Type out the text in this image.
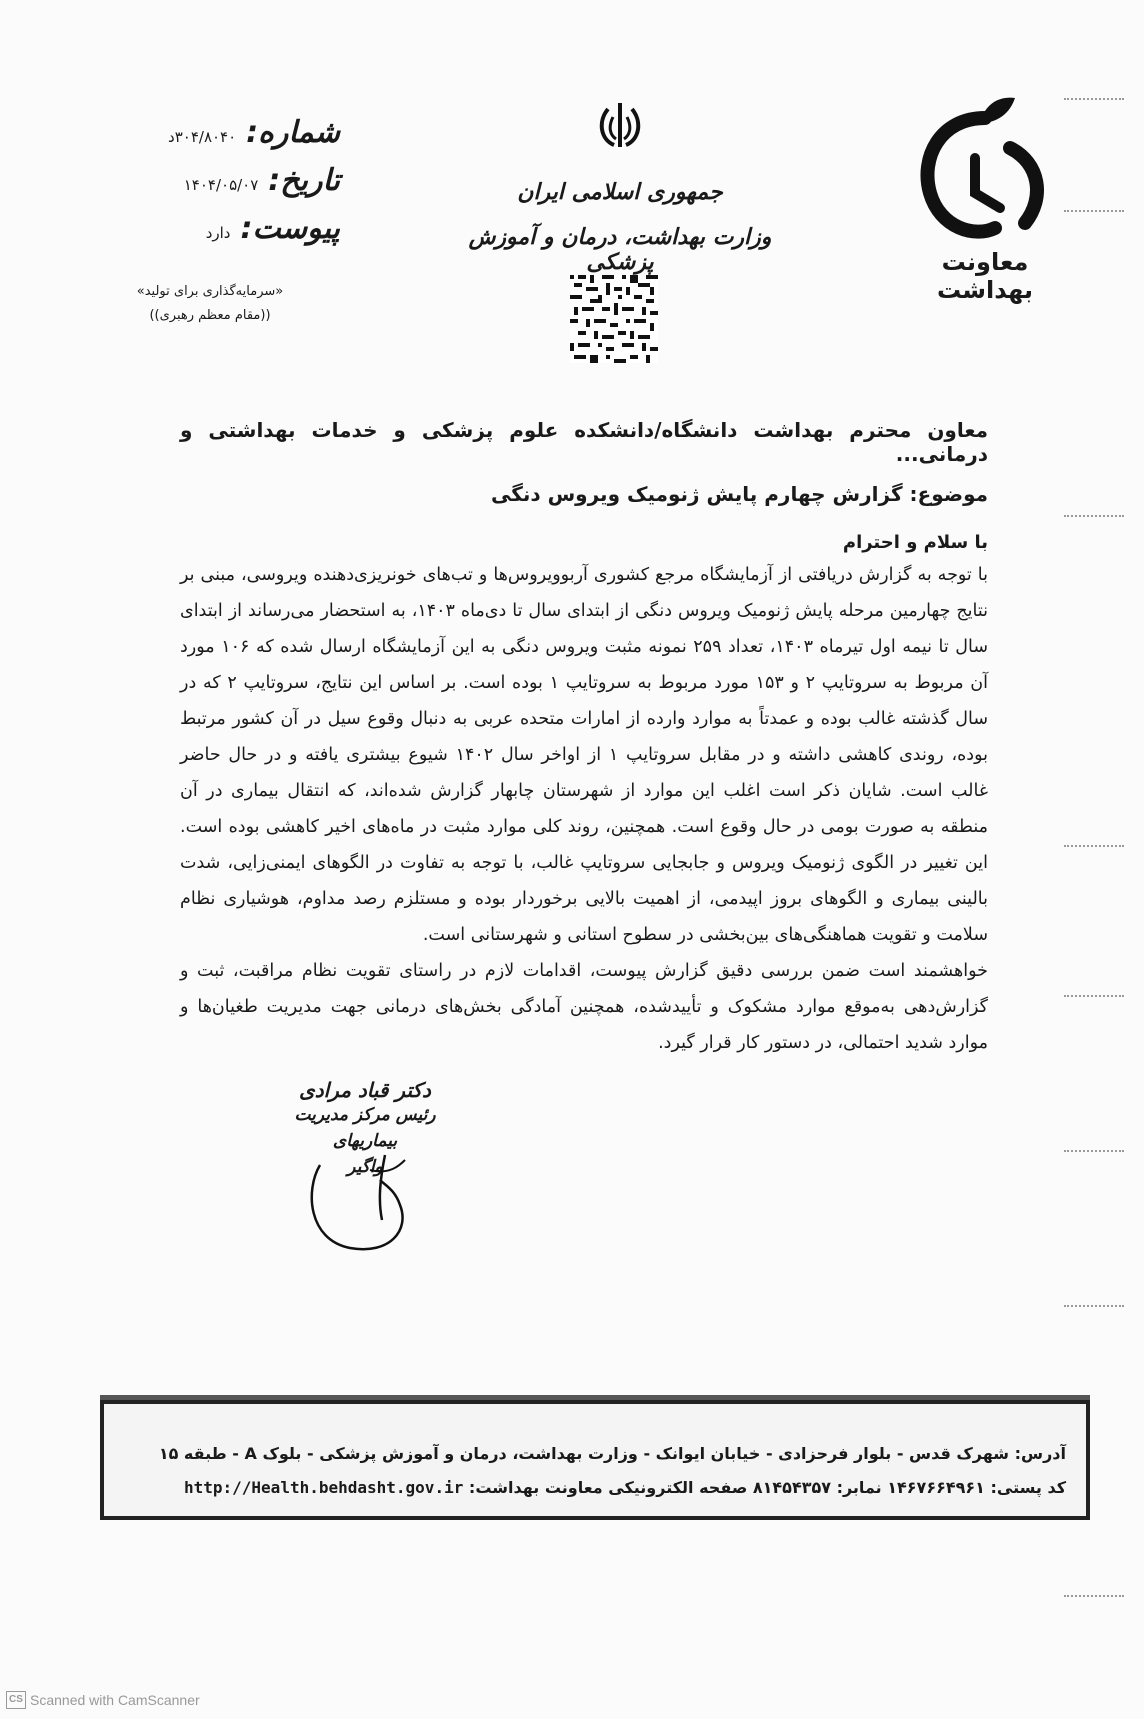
معاونت بهداشت
جمهوری اسلامی ایران
وزارت بهداشت، درمان و آموزش پزشکی
شماره:
۳۰۴/۸۰۴۰د
تاریخ:
۱۴۰۴/۰۵/۰۷
پیوست:
دارد
«سرمایه‌گذاری برای تولید»
((مقام معظم رهبری))

معاون محترم بهداشت دانشگاه/دانشکده علوم پزشکی و خدمات بهداشتی و درمانی...

موضوع: گزارش چهارم پایش ژنومیک ویروس دنگی

با سلام و احترام

با توجه به گزارش دریافتی از آزمایشگاه مرجع کشوری آربوویروس‌ها و تب‌های خونریزی‌دهنده ویروسی، مبنی بر نتایج چهارمین مرحله پایش ژنومیک ویروس دنگی از ابتدای سال تا دی‌ماه ۱۴۰۳، به استحضار می‌رساند از ابتدای سال تا نیمه اول تیرماه ۱۴۰۳، تعداد ۲۵۹ نمونه مثبت ویروس دنگی به این آزمایشگاه ارسال شده که ۱۰۶ مورد آن مربوط به سروتایپ ۲ و ۱۵۳ مورد مربوط به سروتایپ ۱ بوده است. بر اساس این نتایج، سروتایپ ۲ که در سال گذشته غالب بوده و عمدتاً به موارد وارده از امارات متحده عربی به دنبال وقوع سیل در آن کشور مرتبط بوده، روندی کاهشی داشته و در مقابل سروتایپ ۱ از اواخر سال ۱۴۰۲ شیوع بیشتری یافته و در حال حاضر غالب است. شایان ذکر است اغلب این موارد از شهرستان چابهار گزارش شده‌اند، که انتقال بیماری در آن منطقه به صورت بومی در حال وقوع است. همچنین، روند کلی موارد مثبت در ماه‌های اخیر کاهشی بوده است. این تغییر در الگوی ژنومیک ویروس و جابجایی سروتایپ غالب، با توجه به تفاوت در الگوهای ایمنی‌زایی، شدت بالینی بیماری و الگوهای بروز اپیدمی، از اهمیت بالایی برخوردار بوده و مستلزم رصد مداوم، هوشیاری نظام سلامت و تقویت هماهنگی‌های بین‌بخشی در سطوح استانی و شهرستانی است.

خواهشمند است ضمن بررسی دقیق گزارش پیوست، اقدامات لازم در راستای تقویت نظام مراقبت، ثبت و گزارش‌دهی به‌موقع موارد مشکوک و تأییدشده، همچنین آمادگی بخش‌های درمانی جهت مدیریت طغیان‌ها و موارد شدید احتمالی، در دستور کار قرار گیرد.

دکتر قباد مرادی
رئیس مرکز مدیریت بیماریهای
واگیر
آدرس: شهرک قدس - بلوار فرحزادی - خیابان ایوانک - وزارت بهداشت، درمان و آموزش پزشکی - بلوک A - طبقه ۱۵
کد پستی: ۱۴۶۷۶۶۴۹۶۱ نمابر: ۸۱۴۵۴۳۵۷ صفحه الکترونیکی معاونت بهداشت: http://Health.behdasht.gov.ir
CS Scanned with CamScanner
